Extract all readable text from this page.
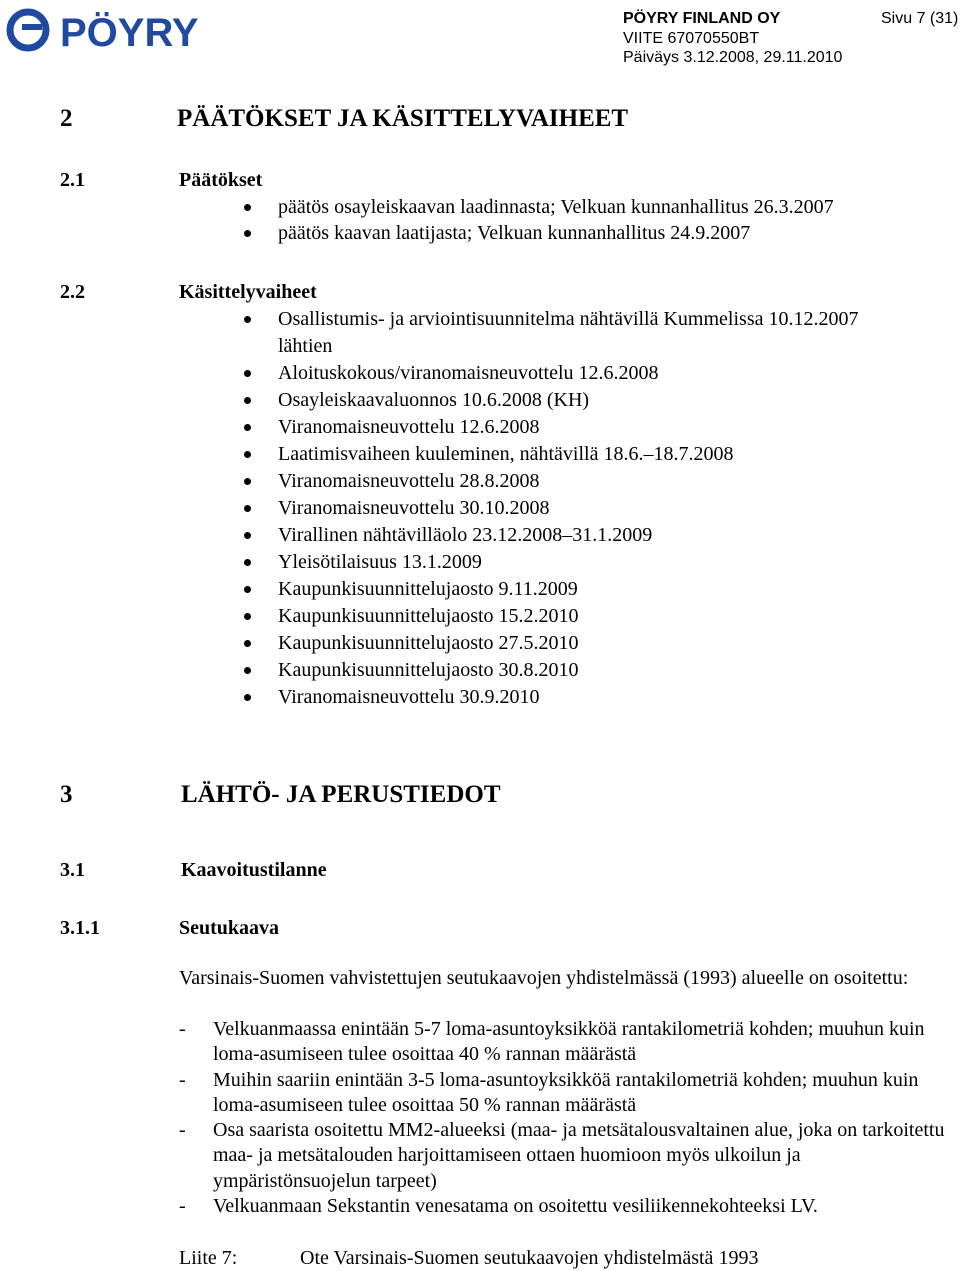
PÖYRY	PÖYRY FINLAND OY
VIITE 67070550BT
Päiväys 3.12.2008, 29.11.2010
Sivu 7 (31)
2	PÄÄTÖKSET JA KÄSITTELYVAIHEET
2.1	Päätökset
päätös osayleiskaavan laadinnasta; Velkuan kunnanhallitus 26.3.2007
päätös kaavan laatijasta; Velkuan kunnanhallitus 24.9.2007
2.2	Käsittelyvaiheet
Osallistumis- ja arviointisuunnitelma nähtävillä Kummelissa 10.12.2007 lähtien
Aloituskokous/viranomaisneuvottelu 12.6.2008
Osayleiskaavaluonnos 10.6.2008 (KH)
Viranomaisneuvottelu 12.6.2008
Laatimisvaiheen kuuleminen, nähtävillä 18.6.–18.7.2008
Viranomaisneuvottelu 28.8.2008
Viranomaisneuvottelu 30.10.2008
Virallinen nähtävilläolo 23.12.2008–31.1.2009
Yleisötilaisuus 13.1.2009
Kaupunkisuunnittelujaosto 9.11.2009
Kaupunkisuunnittelujaosto 15.2.2010
Kaupunkisuunnittelujaosto 27.5.2010
Kaupunkisuunnittelujaosto 30.8.2010
Viranomaisneuvottelu 30.9.2010
3	LÄHTÖ- JA PERUSTIEDOT
3.1	Kaavoitustilanne
3.1.1	Seutukaava
Varsinais-Suomen vahvistettujen seutukaavojen yhdistelmässä (1993) alueelle on osoitettu:
- Velkuanmaassa enintään 5-7 loma-asuntoyksikköä rantakilometriä kohden; muuhun kuin loma-asumiseen tulee osoittaa 40 % rannan määrästä
- Muihin saariin enintään 3-5 loma-asuntoyksikköä rantakilometriä kohden; muuhun kuin loma-asumiseen tulee osoittaa 50 % rannan määrästä
- Osa saarista osoitettu MM2-alueeksi (maa- ja metsätalousvaltainen alue, joka on tarkoitettu maa- ja metsätalouden harjoittamiseen ottaen huomioon myös ulkoilun ja ympäristönsuojelun tarpeet)
- Velkuanmaan Sekstantin venesatama on osoitettu vesiliikennekohteeksi LV.
Liite 7:	Ote Varsinais-Suomen seutukaavojen yhdistelmästä 1993
